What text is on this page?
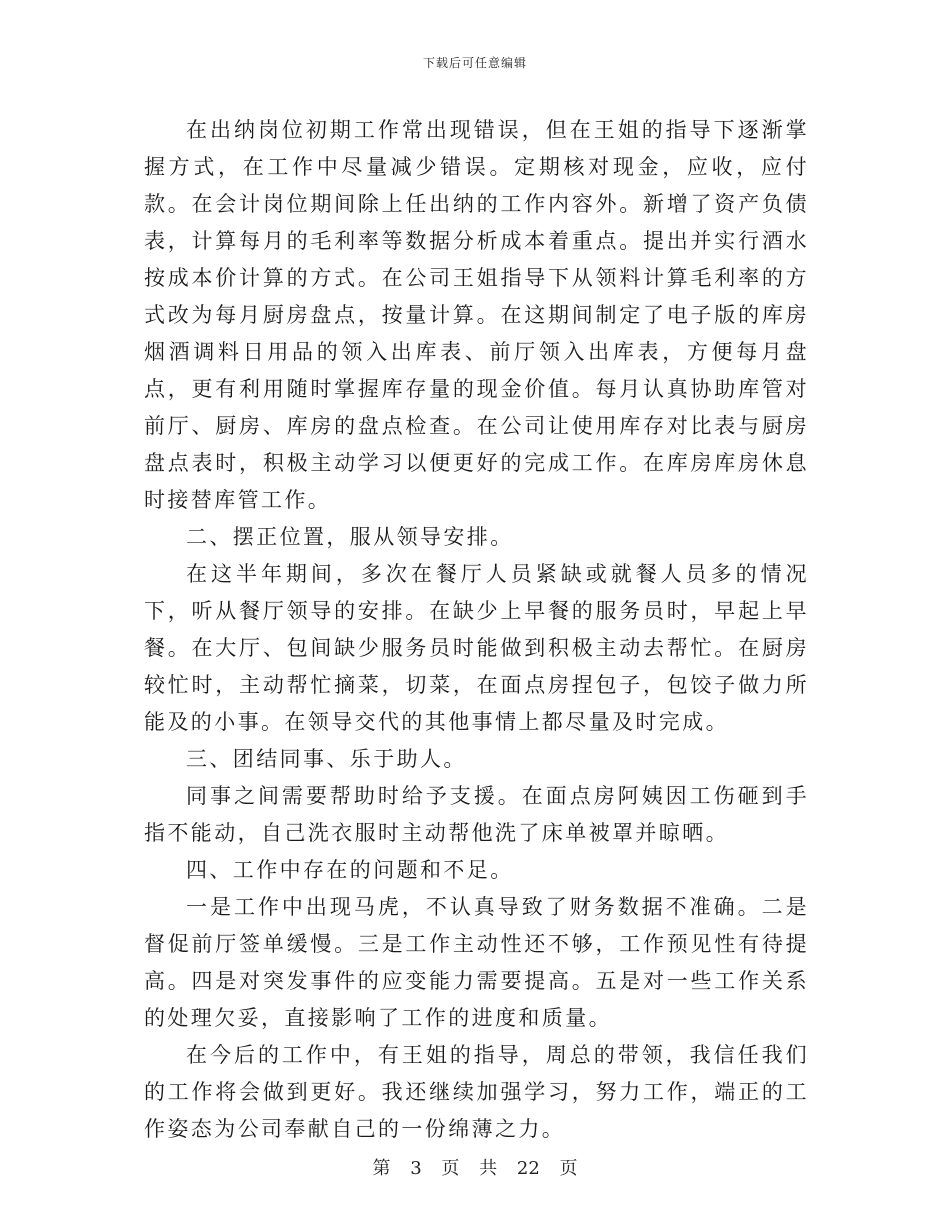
下载后可任意编辑

在出纳岗位初期工作常出现错误，但在王姐的指导下逐渐掌握方式，在工作中尽量减少错误。定期核对现金，应收，应付款。在会计岗位期间除上任出纳的工作内容外。新增了资产负债表，计算每月的毛利率等数据分析成本着重点。提出并实行酒水按成本价计算的方式。在公司王姐指导下从领料计算毛利率的方式改为每月厨房盘点，按量计算。在这期间制定了电子版的库房烟酒调料日用品的领入出库表、前厅领入出库表，方便每月盘点，更有利用随时掌握库存量的现金价值。每月认真协助库管对前厅、厨房、库房的盘点检查。在公司让使用库存对比表与厨房盘点表时，积极主动学习以便更好的完成工作。在库房库房休息时接替库管工作。

二、摆正位置，服从领导安排。

在这半年期间，多次在餐厅人员紧缺或就餐人员多的情况下，听从餐厅领导的安排。在缺少上早餐的服务员时，早起上早餐。在大厅、包间缺少服务员时能做到积极主动去帮忙。在厨房较忙时，主动帮忙摘菜，切菜，在面点房捏包子，包饺子做力所能及的小事。在领导交代的其他事情上都尽量及时完成。

三、团结同事、乐于助人。

同事之间需要帮助时给予支援。在面点房阿姨因工伤砸到手指不能动，自己洗衣服时主动帮他洗了床单被罩并晾晒。

四、工作中存在的问题和不足。

一是工作中出现马虎，不认真导致了财务数据不准确。二是督促前厅签单缓慢。三是工作主动性还不够，工作预见性有待提高。四是对突发事件的应变能力需要提高。五是对一些工作关系的处理欠妥，直接影响了工作的进度和质量。

在今后的工作中，有王姐的指导，周总的带领，我信任我们的工作将会做到更好。我还继续加强学习，努力工作，端正的工作姿态为公司奉献自己的一份绵薄之力。

第 3 页 共 22 页
